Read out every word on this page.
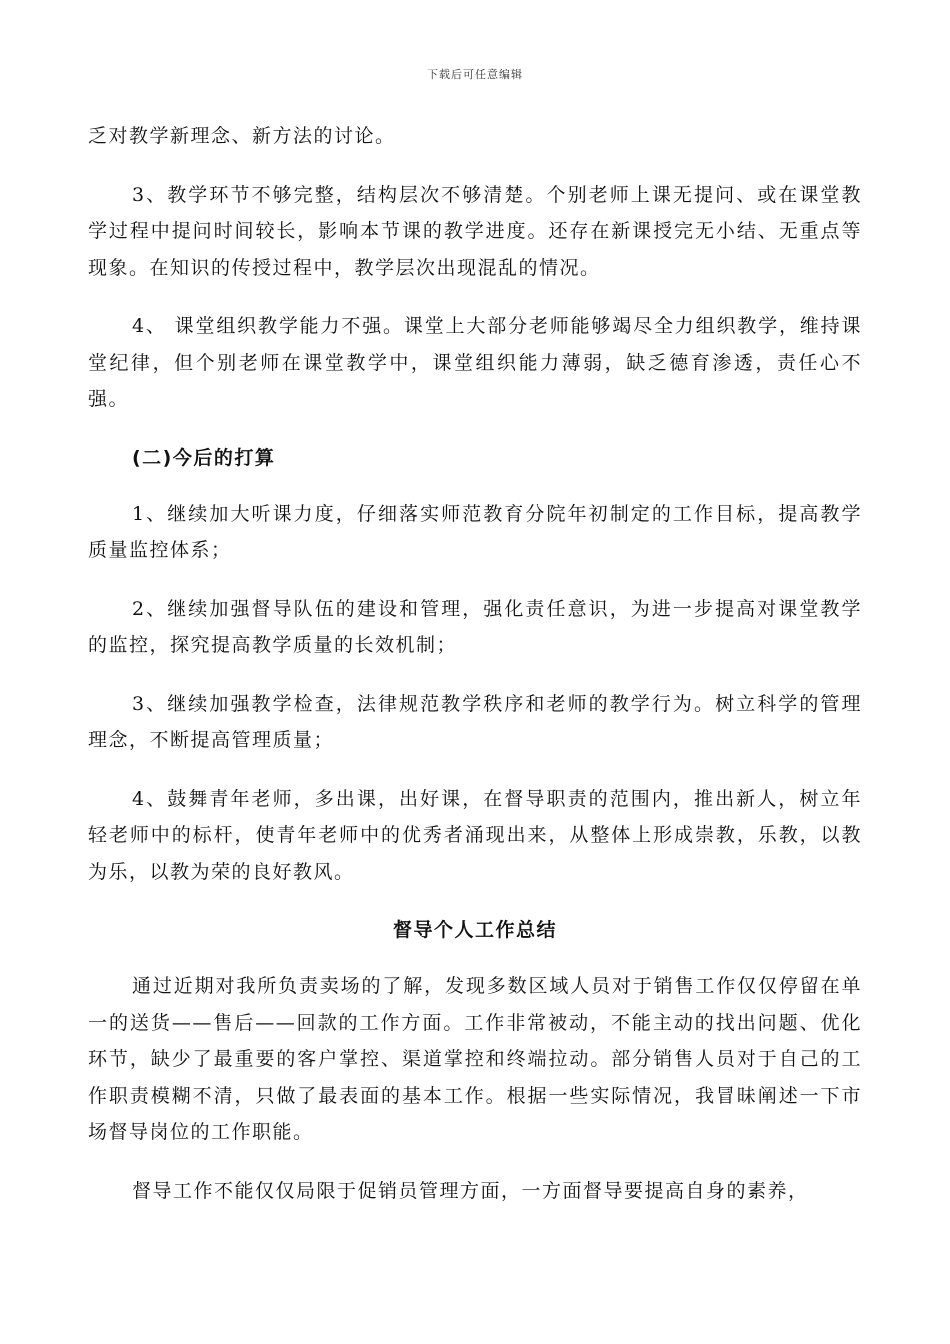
下载后可任意编辑

乏对教学新理念、新方法的讨论。

3、教学环节不够完整，结构层次不够清楚。个别老师上课无提问、或在课堂教学过程中提问时间较长，影响本节课的教学进度。还存在新课授完无小结、无重点等现象。在知识的传授过程中，教学层次出现混乱的情况。

4、 课堂组织教学能力不强。课堂上大部分老师能够竭尽全力组织教学，维持课堂纪律，但个别老师在课堂教学中，课堂组织能力薄弱，缺乏德育渗透，责任心不强。

(二)今后的打算

1、继续加大听课力度，仔细落实师范教育分院年初制定的工作目标，提高教学质量监控体系；

2、继续加强督导队伍的建设和管理，强化责任意识，为进一步提高对课堂教学的监控，探究提高教学质量的长效机制；

3、继续加强教学检查，法律规范教学秩序和老师的教学行为。树立科学的管理理念，不断提高管理质量；

4、鼓舞青年老师，多出课，出好课，在督导职责的范围内，推出新人，树立年轻老师中的标杆，使青年老师中的优秀者涌现出来，从整体上形成崇教，乐教，以教为乐，以教为荣的良好教风。

督导个人工作总结

通过近期对我所负责卖场的了解，发现多数区域人员对于销售工作仅仅停留在单一的送货——售后——回款的工作方面。工作非常被动，不能主动的找出问题、优化环节，缺少了最重要的客户掌控、渠道掌控和终端拉动。部分销售人员对于自己的工作职责模糊不清，只做了最表面的基本工作。根据一些实际情况，我冒昧阐述一下市场督导岗位的工作职能。

督导工作不能仅仅局限于促销员管理方面，一方面督导要提高自身的素养，
